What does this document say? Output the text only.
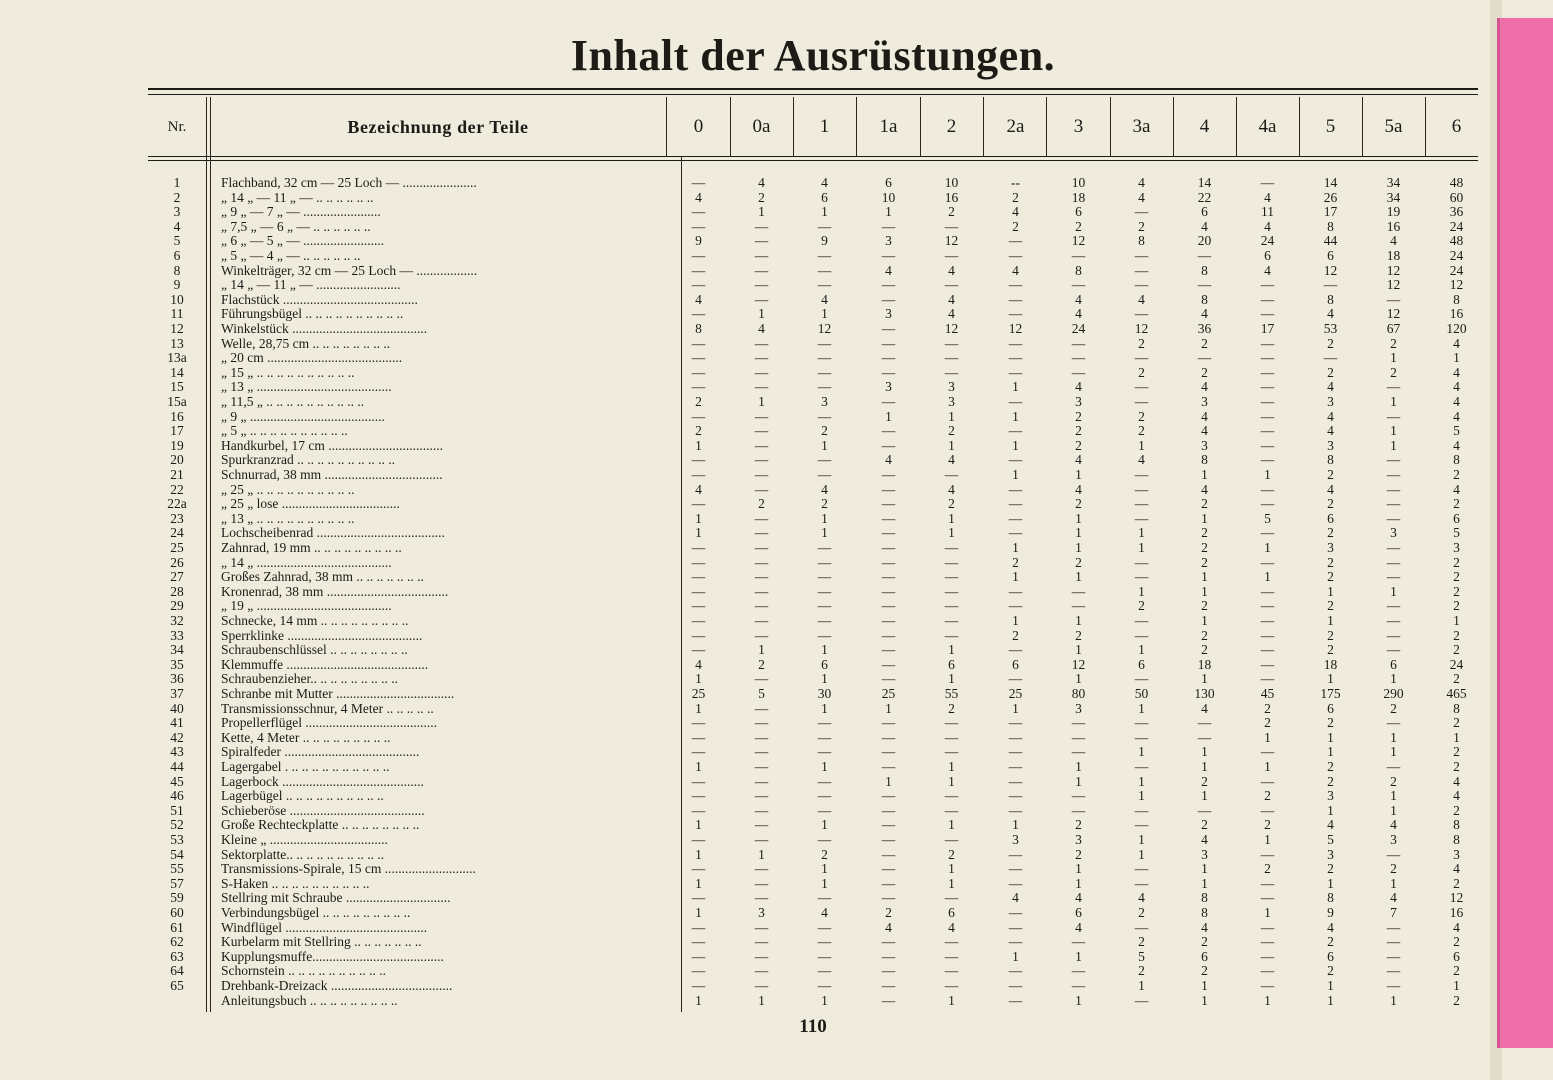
Inhalt der Ausrüstungen.
Nr.	Bezeichnung der Teile	0	0a	1	1a	2	2a	3	3a	4	4a	5	5a	6
1	Flachband, 32 cm — 25 Loch — ......................	—	4	4	6	10	--	10	4	14	—	14	34	48
2	„ 14 „ — 11 „ — .. .. .. .. .. ..	4	2	6	10	16	2	18	4	22	4	26	34	60
3	„ 9 „ — 7 „ — .......................	—	1	1	1	2	4	6	—	6	11	17	19	36
4	„ 7,5 „ — 6 „ — .. .. .. .. .. ..	—	—	—	—	—	2	2	2	4	4	8	16	24
5	„ 6 „ — 5 „ — ........................	9	—	9	3	12	—	12	8	20	24	44	4	48
6	„ 5 „ — 4 „ — .. .. .. .. .. ..	—	—	—	—	—	—	—	—	—	6	6	18	24
8	Winkelträger, 32 cm — 25 Loch — ..................	—	—	—	4	4	4	8	—	8	4	12	12	24
9	„ 14 „ — 11 „ — .........................	—	—	—	—	—	—	—	—	—	—	—	12	12
10	Flachstück ........................................	4	—	4	—	4	—	4	4	8	—	8	—	8
11	Führungsbügel .. .. .. .. .. .. .. .. .. ..	—	1	1	3	4	—	4	—	4	—	4	12	16
12	Winkelstück ........................................	8	4	12	—	12	12	24	12	36	17	53	67	120
13	Welle, 28,75 cm .. .. .. .. .. .. .. ..	—	—	—	—	—	—	—	2	2	—	2	2	4
13a	„ 20 cm ........................................	—	—	—	—	—	—	—	—	—	—	—	1	1
14	„ 15 „ .. .. .. .. .. .. .. .. .. ..	—	—	—	—	—	—	—	2	2	—	2	2	4
15	„ 13 „ ........................................	—	—	—	3	3	1	4	—	4	—	4	—	4
15a	„ 11,5 „ .. .. .. .. .. .. .. .. .. ..	2	1	3	—	3	—	3	—	3	—	3	1	4
16	„ 9 „ ........................................	—	—	—	1	1	1	2	2	4	—	4	—	4
17	„ 5 „ .. .. .. .. .. .. .. .. .. ..	2	—	2	—	2	—	2	2	4	—	4	1	5
19	Handkurbel, 17 cm ..................................	1	—	1	—	1	1	2	1	3	—	3	1	4
20	Spurkranzrad .. .. .. .. .. .. .. .. .. ..	—	—	—	4	4	—	4	4	8	—	8	—	8
21	Schnurrad, 38 mm ...................................	—	—	—	—	—	1	1	—	1	1	2	—	2
22	„ 25 „ .. .. .. .. .. .. .. .. .. ..	4	—	4	—	4	—	4	—	4	—	4	—	4
22a	„ 25 „ lose ...................................	—	2	2	—	2	—	2	—	2	—	2	—	2
23	„ 13 „ .. .. .. .. .. .. .. .. .. ..	1	—	1	—	1	—	1	—	1	5	6	—	6
24	Lochscheibenrad ......................................	1	—	1	—	1	—	1	1	2	—	2	3	5
25	Zahnrad, 19 mm .. .. .. .. .. .. .. .. ..	—	—	—	—	—	1	1	1	2	1	3	—	3
26	„ 14 „ ........................................	—	—	—	—	—	2	2	—	2	—	2	—	2
27	Großes Zahnrad, 38 mm .. .. .. .. .. .. ..	—	—	—	—	—	1	1	—	1	1	2	—	2
28	Kronenrad, 38 mm ....................................	—	—	—	—	—	—	—	1	1	—	1	1	2
29	„ 19 „ ........................................	—	—	—	—	—	—	—	2	2	—	2	—	2
32	Schnecke, 14 mm .. .. .. .. .. .. .. .. ..	—	—	—	—	—	1	1	—	1	—	1	—	1
33	Sperrklinke ........................................	—	—	—	—	—	2	2	—	2	—	2	—	2
34	Schraubenschlüssel .. .. .. .. .. .. .. ..	—	1	1	—	1	—	1	1	2	—	2	—	2
35	Klemmuffe ..........................................	4	2	6	—	6	6	12	6	18	—	18	6	24
36	Schraubenzieher.. .. .. .. .. .. .. .. ..	1	—	1	—	1	—	1	—	1	—	1	1	2
37	Schranbe mit Mutter ...................................	25	5	30	25	55	25	80	50	130	45	175	290	465
40	Transmissionsschnur, 4 Meter .. .. .. .. ..	1	—	1	1	2	1	3	1	4	2	6	2	8
41	Propellerflügel .......................................	—	—	—	—	—	—	—	—	—	2	2	—	2
42	Kette, 4 Meter .. .. .. .. .. .. .. .. ..	—	—	—	—	—	—	—	—	—	1	1	1	1
43	Spiralfeder ........................................	—	—	—	—	—	—	—	1	1	—	1	1	2
44	Lagergabel . .. .. .. .. .. .. .. .. .. ..	1	—	1	—	1	—	1	—	1	1	2	—	2
45	Lagerbock ..........................................	—	—	—	1	1	—	1	1	2	—	2	2	4
46	Lagerbügel .. .. .. .. .. .. .. .. .. ..	—	—	—	—	—	—	—	1	1	2	3	1	4
51	Schieberöse ........................................	—	—	—	—	—	—	—	—	—	—	1	1	2
52	Große Rechteckplatte .. .. .. .. .. .. .. ..	1	—	1	—	1	1	2	—	2	2	4	4	8
53	Kleine „ ...................................	—	—	—	—	—	3	3	1	4	1	5	3	8
54	Sektorplatte.. .. .. .. .. .. .. .. .. ..	1	1	2	—	2	—	2	1	3	—	3	—	3
55	Transmissions-Spirale, 15 cm ...........................	—	—	1	—	1	—	1	—	1	2	2	2	4
57	S-Haken .. .. .. .. .. .. .. .. .. ..	1	—	1	—	1	—	1	—	1	—	1	1	2
59	Stellring mit Schraube ...............................	—	—	—	—	—	4	4	4	8	—	8	4	12
60	Verbindungsbügel .. .. .. .. .. .. .. .. ..	1	3	4	2	6	—	6	2	8	1	9	7	16
61	Windflügel ..........................................	—	—	—	4	4	—	4	—	4	—	4	—	4
62	Kurbelarm mit Stellring .. .. .. .. .. .. ..	—	—	—	—	—	—	—	2	2	—	2	—	2
63	Kupplungsmuffe.......................................	—	—	—	—	—	1	1	5	6	—	6	—	6
64	Schornstein .. .. .. .. .. .. .. .. .. ..	—	—	—	—	—	—	—	2	2	—	2	—	2
65	Drehbank-Dreizack ....................................	—	—	—	—	—	—	—	1	1	—	1	—	1
Anleitungsbuch .. .. .. .. .. .. .. .. ..	1	1	1	—	1	—	1	—	1	1	1	1	2
110
